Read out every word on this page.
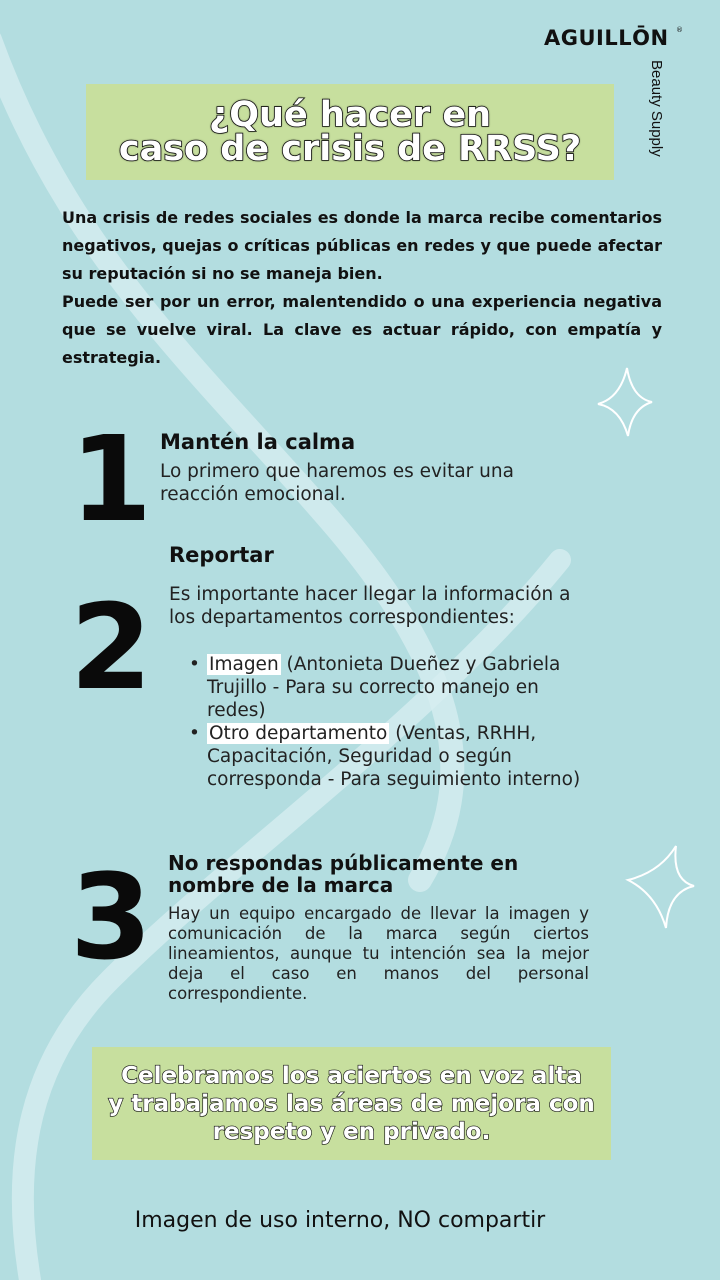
AGUILLŌN ®
Beauty Supply
¿Qué hacer en
caso de crisis de RRSS?

Una crisis de redes sociales es donde la marca recibe comentarios negativos, quejas o críticas públicas en redes y que puede afectar su reputación si no se maneja bien.

Puede ser por un error, malentendido o una experiencia negativa que se vuelve viral. La clave es actuar rápido, con empatía y estrategia.

1 Mantén la calma

Lo primero que haremos es evitar una reacción emocional.

2
Reportar

Es importante hacer llegar la información a los departamentos correspondientes:

• Imagen (Antonieta Dueñez y Gabriela Trujillo - Para su correcto manejo en redes)
• Otro departamento (Ventas, RRHH, Capacitación, Seguridad o según corresponda - Para seguimiento interno)
3 No respondas públicamente en nombre de la marca

Hay un equipo encargado de llevar la imagen y comunicación de la marca según ciertos lineamientos, aunque tu intención sea la mejor deja el caso en manos del personal correspondiente.

Celebramos los aciertos en voz alta
y trabajamos las áreas de mejora con
respeto y en privado.

Imagen de uso interno, NO compartir
